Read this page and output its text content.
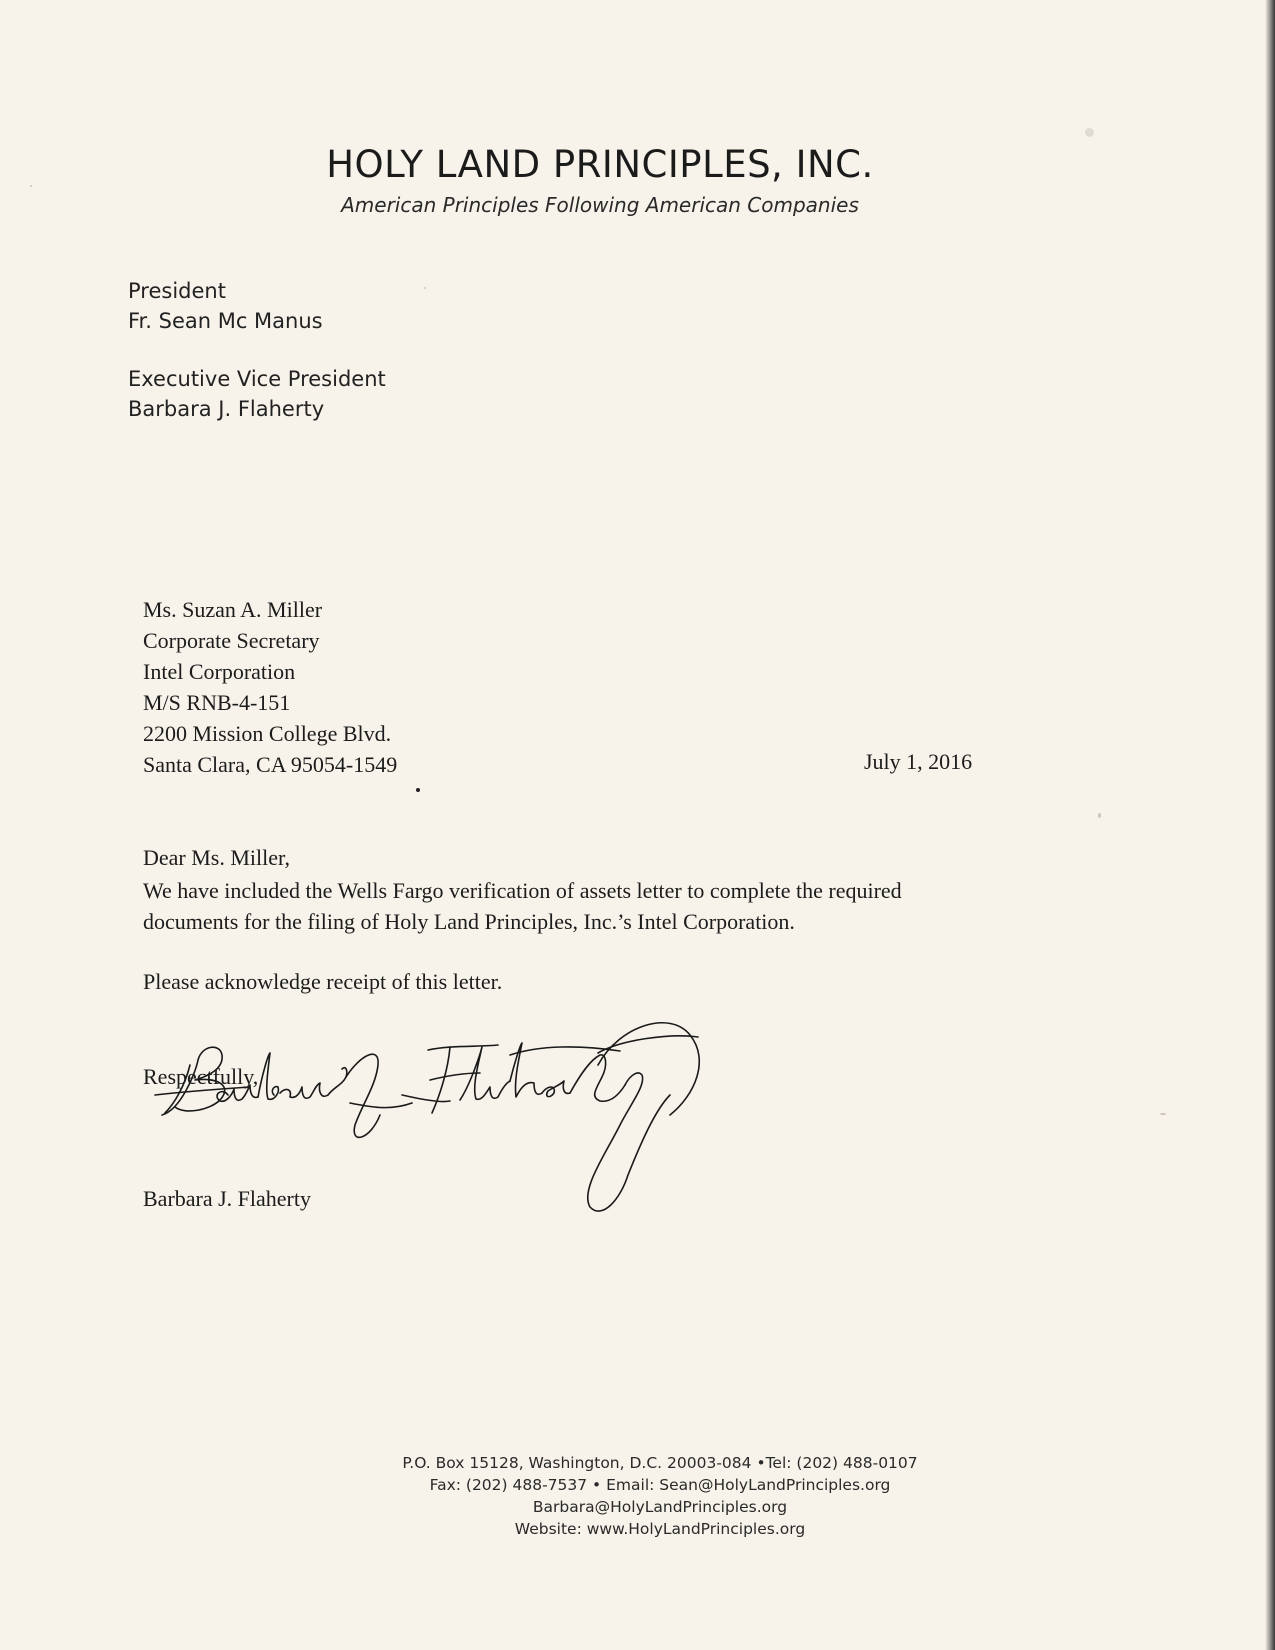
HOLY LAND PRINCIPLES, INC.
American Principles Following American Companies
President
Fr. Sean Mc Manus
Executive Vice President
Barbara J. Flaherty
Ms. Suzan A. Miller
Corporate Secretary
Intel Corporation
M/S RNB-4-151
2200 Mission College Blvd.
Santa Clara, CA 95054-1549	July 1, 2016
Dear Ms. Miller,
We have included the Wells Fargo verification of assets letter to complete the required
documents for the filing of Holy Land Principles, Inc.’s Intel Corporation.
Please acknowledge receipt of this letter.
Respectfully,
Barbara J. Flaherty
P.O. Box 15128, Washington, D.C. 20003-084 •Tel: (202) 488-0107
Fax: (202) 488-7537 • Email: Sean@HolyLandPrinciples.org
Barbara@HolyLandPrinciples.org
Website: www.HolyLandPrinciples.org
